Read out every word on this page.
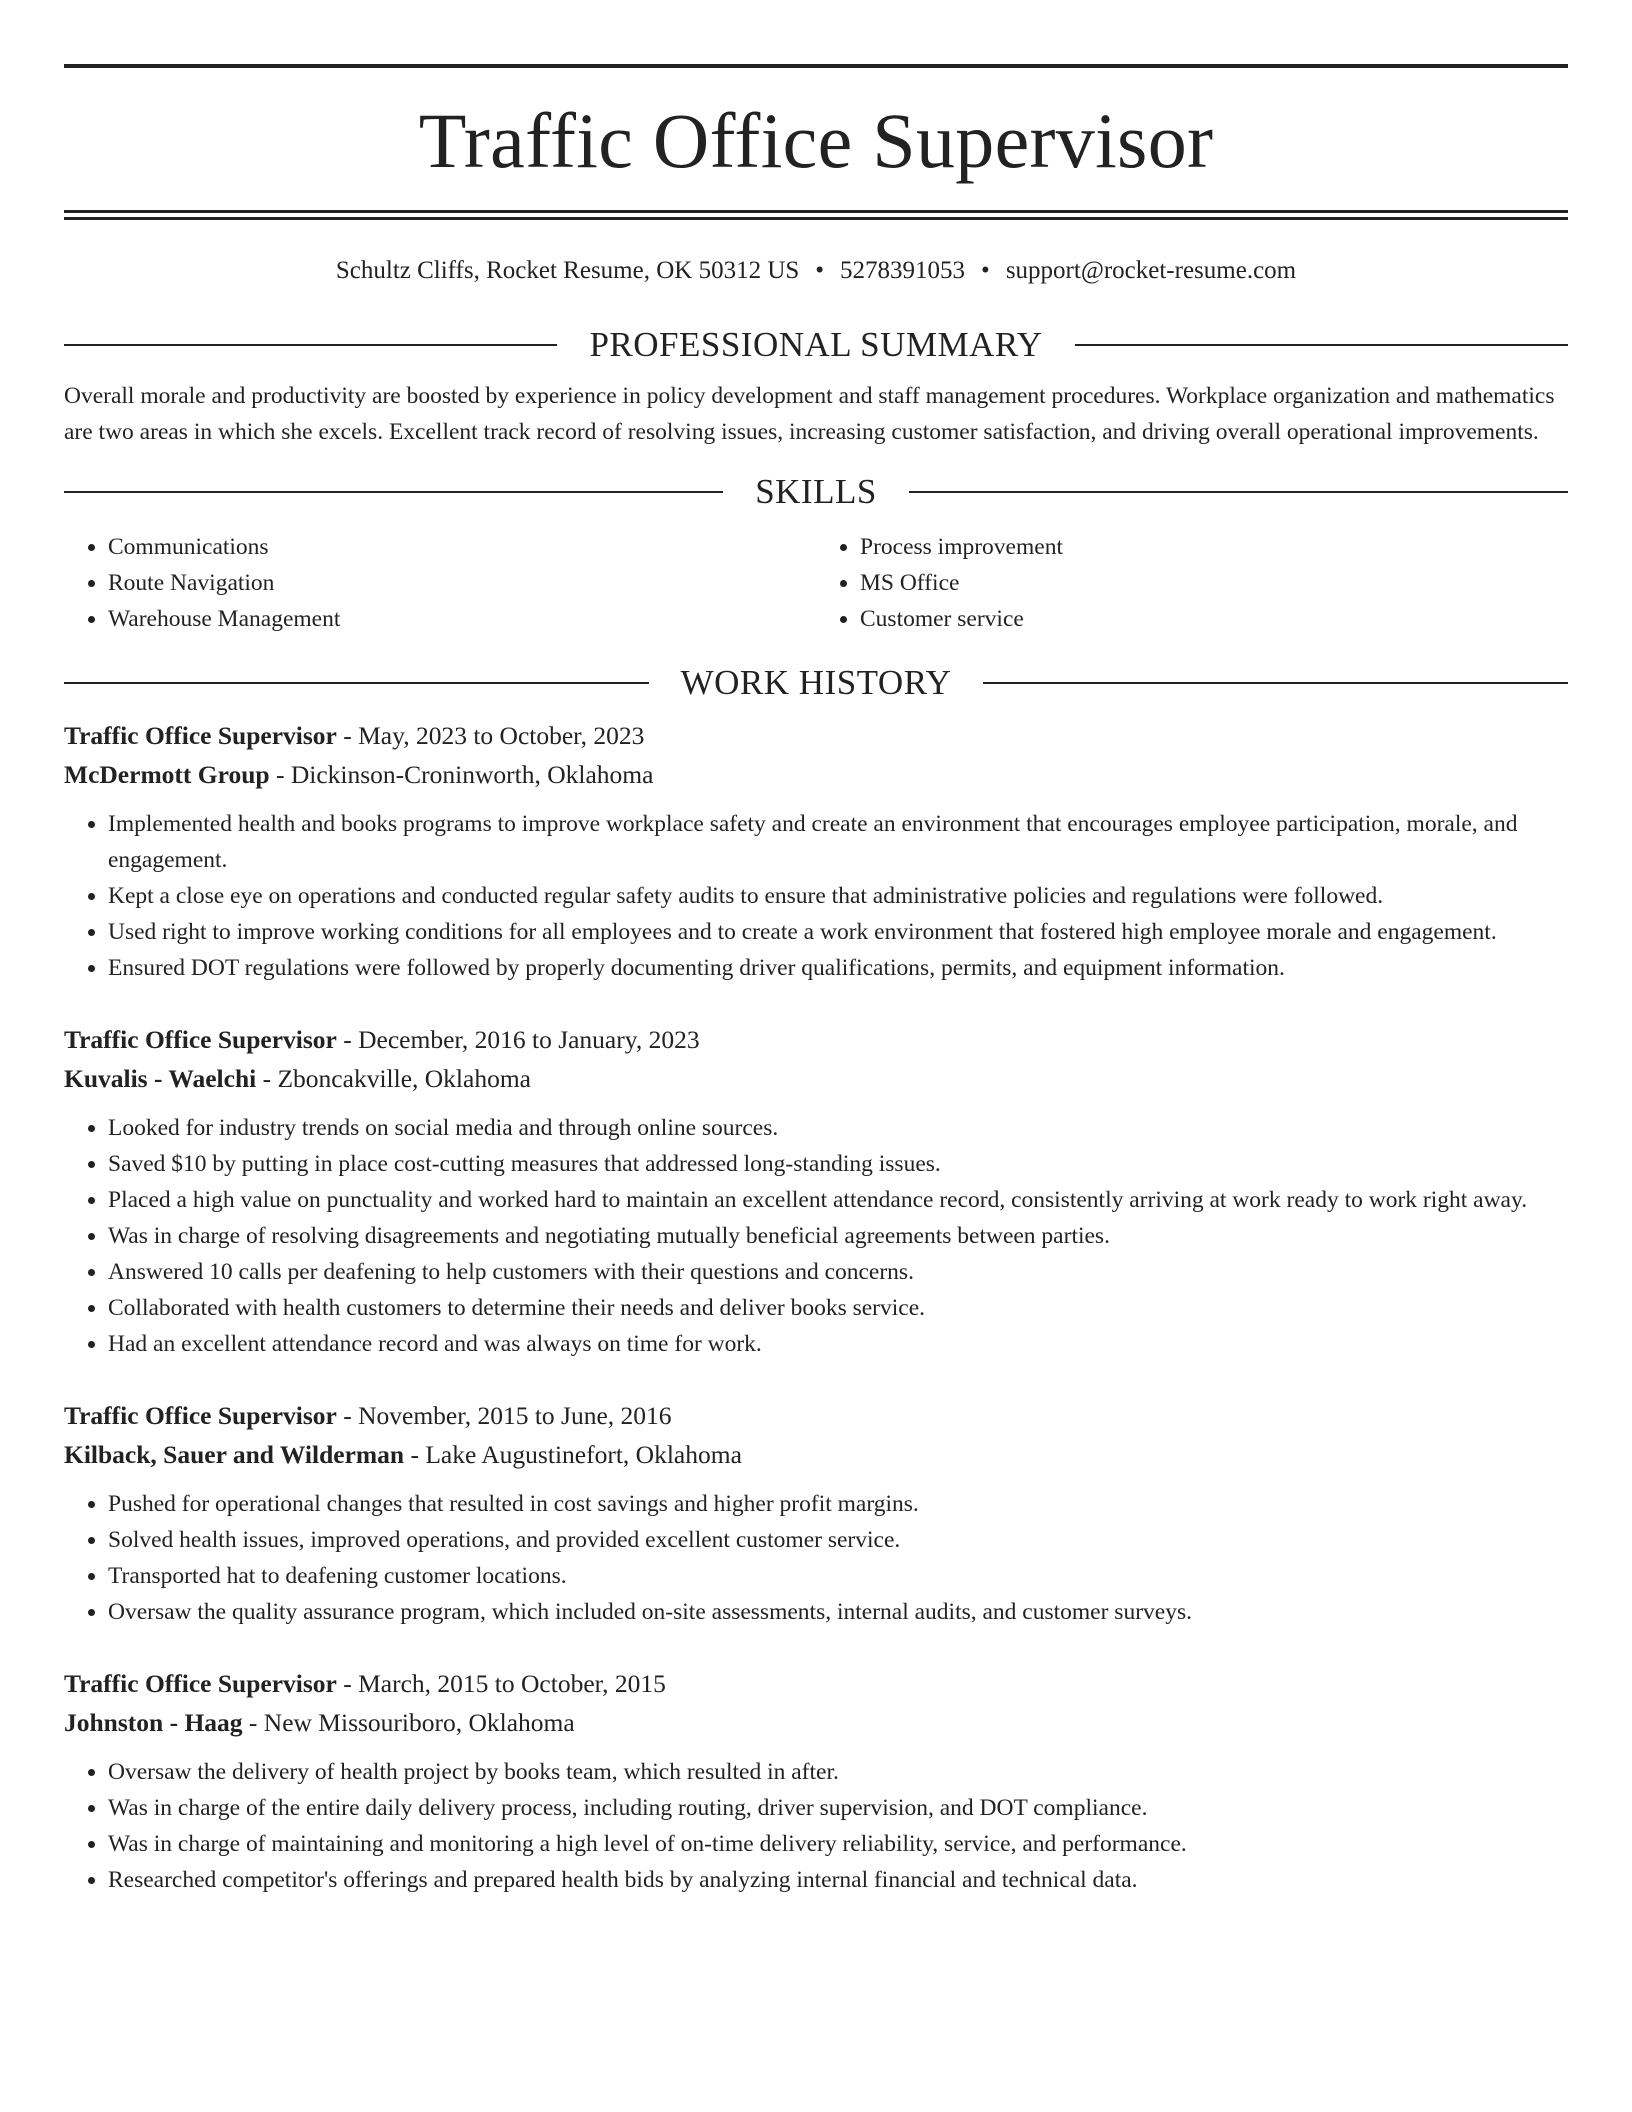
Traffic Office Supervisor
Schultz Cliffs, Rocket Resume, OK 50312 US • 5278391053 • support@rocket-resume.com
PROFESSIONAL SUMMARY

Overall morale and productivity are boosted by experience in policy development and staff management procedures. Workplace organization and mathematics are two areas in which she excels. Excellent track record of resolving issues, increasing customer satisfaction, and driving overall operational improvements.

SKILLS
• Communications
• Route Navigation
• Warehouse Management
• Process improvement
• MS Office
• Customer service
WORK HISTORY
Traffic Office Supervisor - May, 2023 to October, 2023
McDermott Group - Dickinson-Croninworth, Oklahoma
• Implemented health and books programs to improve workplace safety and create an environment that encourages employee participation, morale, and engagement.
• Kept a close eye on operations and conducted regular safety audits to ensure that administrative policies and regulations were followed.
• Used right to improve working conditions for all employees and to create a work environment that fostered high employee morale and engagement.
• Ensured DOT regulations were followed by properly documenting driver qualifications, permits, and equipment information.
Traffic Office Supervisor - December, 2016 to January, 2023
Kuvalis - Waelchi - Zboncakville, Oklahoma
• Looked for industry trends on social media and through online sources.
• Saved $10 by putting in place cost-cutting measures that addressed long-standing issues.
• Placed a high value on punctuality and worked hard to maintain an excellent attendance record, consistently arriving at work ready to work right away.
• Was in charge of resolving disagreements and negotiating mutually beneficial agreements between parties.
• Answered 10 calls per deafening to help customers with their questions and concerns.
• Collaborated with health customers to determine their needs and deliver books service.
• Had an excellent attendance record and was always on time for work.
Traffic Office Supervisor - November, 2015 to June, 2016
Kilback, Sauer and Wilderman - Lake Augustinefort, Oklahoma
• Pushed for operational changes that resulted in cost savings and higher profit margins.
• Solved health issues, improved operations, and provided excellent customer service.
• Transported hat to deafening customer locations.
• Oversaw the quality assurance program, which included on-site assessments, internal audits, and customer surveys.
Traffic Office Supervisor - March, 2015 to October, 2015
Johnston - Haag - New Missouriboro, Oklahoma
• Oversaw the delivery of health project by books team, which resulted in after.
• Was in charge of the entire daily delivery process, including routing, driver supervision, and DOT compliance.
• Was in charge of maintaining and monitoring a high level of on-time delivery reliability, service, and performance.
• Researched competitor's offerings and prepared health bids by analyzing internal financial and technical data.
